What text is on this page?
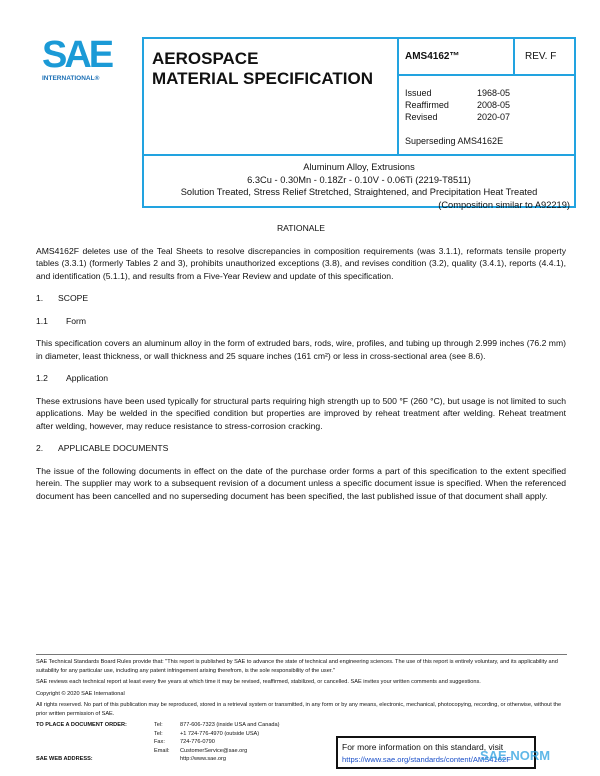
SAE
INTERNATIONAL®
AEROSPACE
MATERIAL SPECIFICATION
AMS4162™	REV. F
Issued	1968-05
Reaffirmed	2008-05
Revised	2020-07
Superseding AMS4162E
Aluminum Alloy, Extrusions
6.3Cu - 0.30Mn - 0.18Zr - 0.10V - 0.06Ti (2219-T8511)
Solution Treated, Stress Relief Stretched, Straightened, and Precipitation Heat Treated
(Composition similar to A92219)
RATIONALE

AMS4162F deletes use of the Teal Sheets to resolve discrepancies in composition requirements (was 3.1.1), reformats tensile property tables (3.3.1) (formerly Tables 2 and 3), prohibits unauthorized exceptions (3.8), and revises condition (3.2), quality (3.4.1), reports (4.4.1), and identification (5.1.1), and results from a Five-Year Review and update of this specification.

1.	SCOPE
1.1	Form

This specification covers an aluminum alloy in the form of extruded bars, rods, wire, profiles, and tubing up through 2.999 inches (76.2 mm) in diameter, least thickness, or wall thickness and 25 square inches (161 cm²) or less in cross-sectional area (see 8.6).

1.2	Application

These extrusions have been used typically for structural parts requiring high strength up to 500 °F (260 °C), but usage is not limited to such applications. May be welded in the specified condition but properties are improved by reheat treatment after welding. Reheat treatment after welding, however, may reduce resistance to stress-corrosion cracking.

2.	APPLICABLE DOCUMENTS

The issue of the following documents in effect on the date of the purchase order forms a part of this specification to the extent specified herein. The supplier may work to a subsequent revision of a document unless a specific document issue is specified. When the referenced document has been cancelled and no superseding document has been specified, the last published issue of that document shall apply.

SAE Technical Standards Board Rules provide that: "This report is published by SAE to advance the state of technical and engineering sciences. The use of this report is entirely voluntary, and its applicability and suitability for any particular use, including any patent infringement arising therefrom, is the sole responsibility of the user."

SAE reviews each technical report at least every five years at which time it may be revised, reaffirmed, stabilized, or cancelled. SAE invites your written comments and suggestions.

Copyright © 2020 SAE International

All rights reserved. No part of this publication may be reproduced, stored in a retrieval system or transmitted, in any form or by any means, electronic, mechanical, photocopying, recording, or otherwise, without the prior written permission of SAE.

TO PLACE A DOCUMENT ORDER:	Tel:	877-606-7323 (inside USA and Canada)
Tel:	+1 724-776-4970 (outside USA)
Fax:	724-776-0790
Email:	CustomerService@sae.org
SAE WEB ADDRESS:	http://www.sae.org
For more information on this standard, visit
https://www.sae.org/standards/content/AMS4162F
SAE NORM
